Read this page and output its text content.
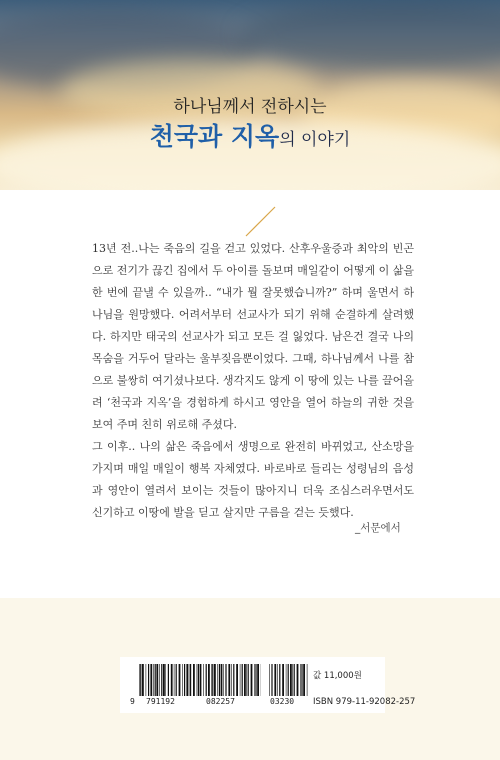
하나님께서 전하시는
천국과 지옥의 이야기

13년 전..나는 죽음의 길을 걷고 있었다. 산후우울증과 최악의 빈곤으로 전기가 끊긴 집에서 두 아이를 돌보며 매일같이 어떻게 이 삶을 한 번에 끝낼 수 있을까.. “내가 뭘 잘못했습니까?” 하며 울면서 하나님을 원망했다. 어려서부터 선교사가 되기 위해 순결하게 살려했다. 하지만 태국의 선교사가 되고 모든 걸 잃었다. 남은건 결국 나의 목숨을 거두어 달라는 울부짖음뿐이었다. 그때, 하나님께서 나를 참으로 불쌍히 여기셨나보다. 생각지도 않게 이 땅에 있는 나를 끌어올려 ‘천국과 지옥’을 경험하게 하시고 영안을 열어 하늘의 귀한 것을 보여 주며 친히 위로해 주셨다.

그 이후.. 나의 삶은 죽음에서 생명으로 완전히 바뀌었고, 산소망을 가지며 매일 매일이 행복 자체였다. 바로바로 들리는 성령님의 음성과 영안이 열려서 보이는 것들이 많아지니 더욱 조심스러우면서도 신기하고 이땅에 발을 딛고 살지만 구름을 걷는 듯했다.

_서문에서
9 791192	082257	03230
값 11,000원
ISBN 979-11-92082-257
